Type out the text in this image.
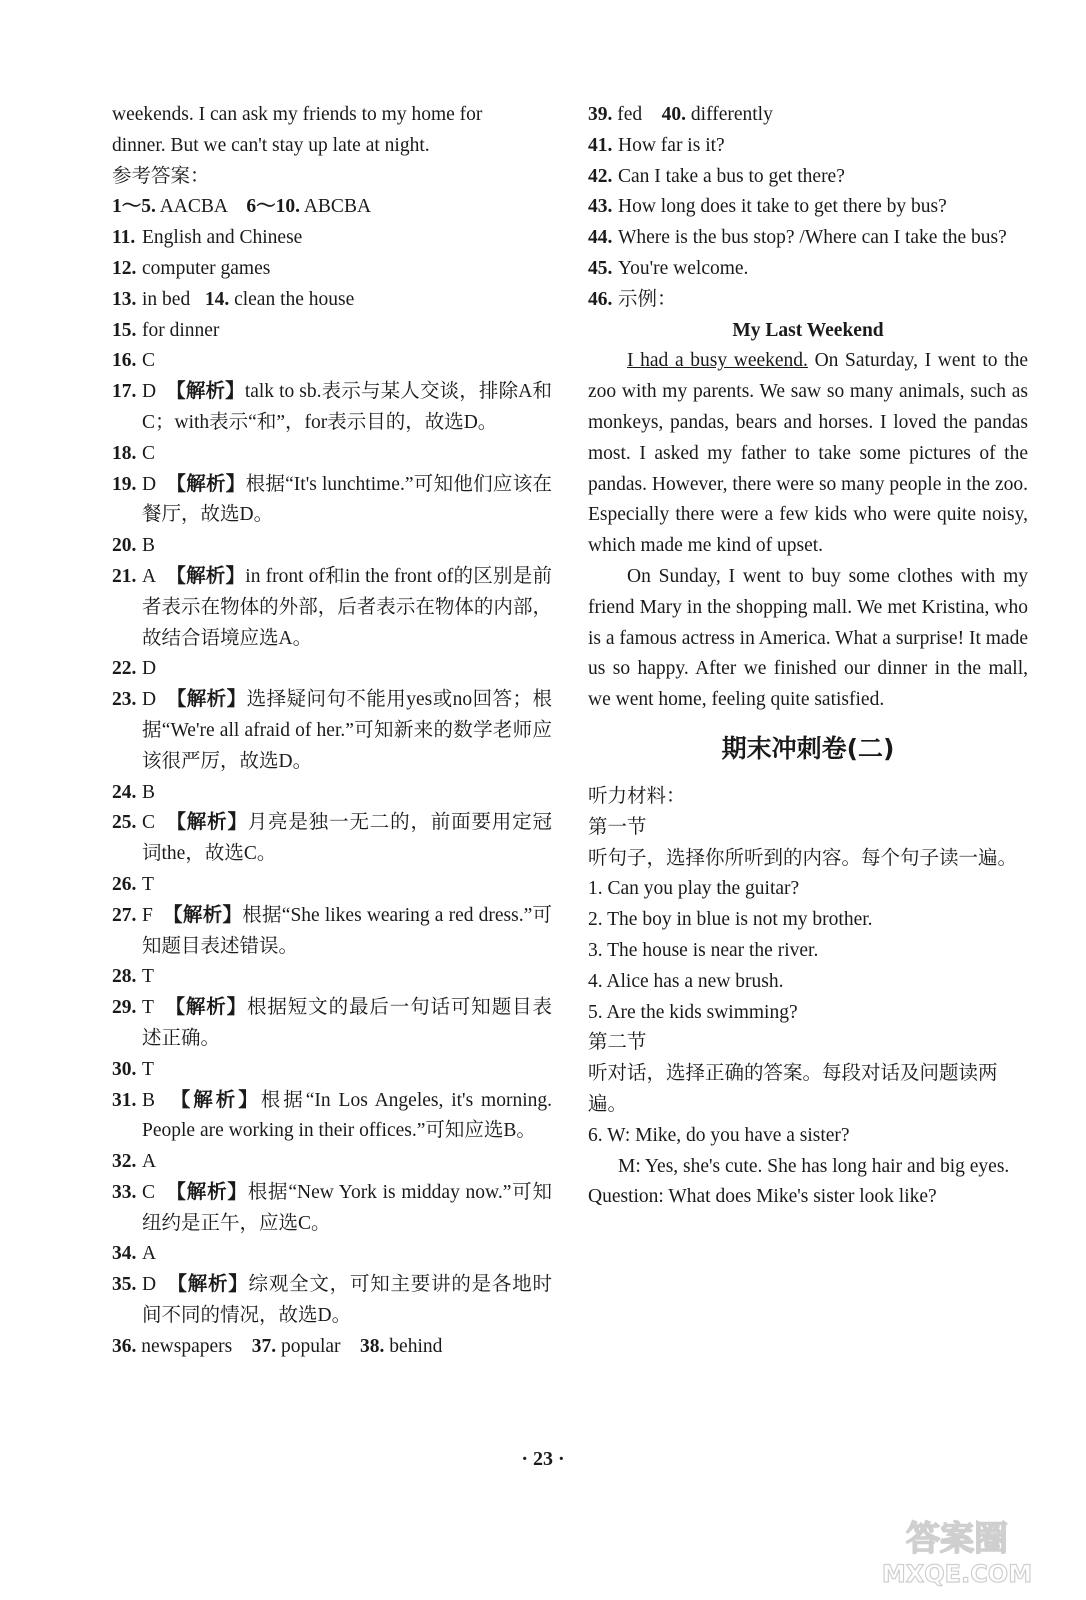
weekends. I can ask my friends to my home for
dinner. But we can't stay up late at night.
参考答案：
1～5. AACBA 6～10. ABCBA
11. English and Chinese
12. computer games
13. in bed 14. clean the house
15. for dinner
16. C
17. D 【解析】talk to sb.表示与某人交谈，排除A和C；with表示“和”，for表示目的，故选D。
18. C
19. D 【解析】根据“It's lunchtime.”可知他们应该在餐厅，故选D。
20. B
21. A 【解析】in front of和in the front of的区别是前者表示在物体的外部，后者表示在物体的内部，故结合语境应选A。
22. D
23. D 【解析】选择疑问句不能用yes或no回答；根据“We're all afraid of her.”可知新来的数学老师应该很严厉，故选D。
24. B
25. C 【解析】月亮是独一无二的，前面要用定冠词the，故选C。
26. T
27. F 【解析】根据“She likes wearing a red dress.”可知题目表述错误。
28. T
29. T 【解析】根据短文的最后一句话可知题目表述正确。
30. T
31. B 【解析】根据“In Los Angeles, it's morning. People are working in their offices.”可知应选B。
32. A
33. C 【解析】根据“New York is midday now.”可知纽约是正午，应选C。
34. A
35. D 【解析】综观全文，可知主要讲的是各地时间不同的情况，故选D。
36. newspapers 37. popular 38. behind
39. fed 40. differently
41. How far is it?
42. Can I take a bus to get there?
43. How long does it take to get there by bus?
44. Where is the bus stop? /Where can I take the bus?
45. You're welcome.
46. 示例：
My Last Weekend
I had a busy weekend. On Saturday, I went to the zoo with my parents. We saw so many animals, such as monkeys, pandas, bears and horses. I loved the pandas most. I asked my father to take some pictures of the pandas. However, there were so many people in the zoo. Especially there were a few kids who were quite noisy, which made me kind of upset.
On Sunday, I went to buy some clothes with my friend Mary in the shopping mall. We met Kristina, who is a famous actress in America. What a surprise! It made us so happy. After we finished our dinner in the mall, we went home, feeling quite satisfied.
期末冲刺卷(二)
听力材料：
第一节
听句子，选择你所听到的内容。每个句子读一遍。
1. Can you play the guitar?
2. The boy in blue is not my brother.
3. The house is near the river.
4. Alice has a new brush.
5. Are the kids swimming?
第二节
听对话，选择正确的答案。每段对话及问题读两遍。
6. W: Mike, do you have a sister?
M: Yes, she's cute. She has long hair and big eyes.
Question: What does Mike's sister look like?
· 23 ·
答案圈
MXQE.COM
